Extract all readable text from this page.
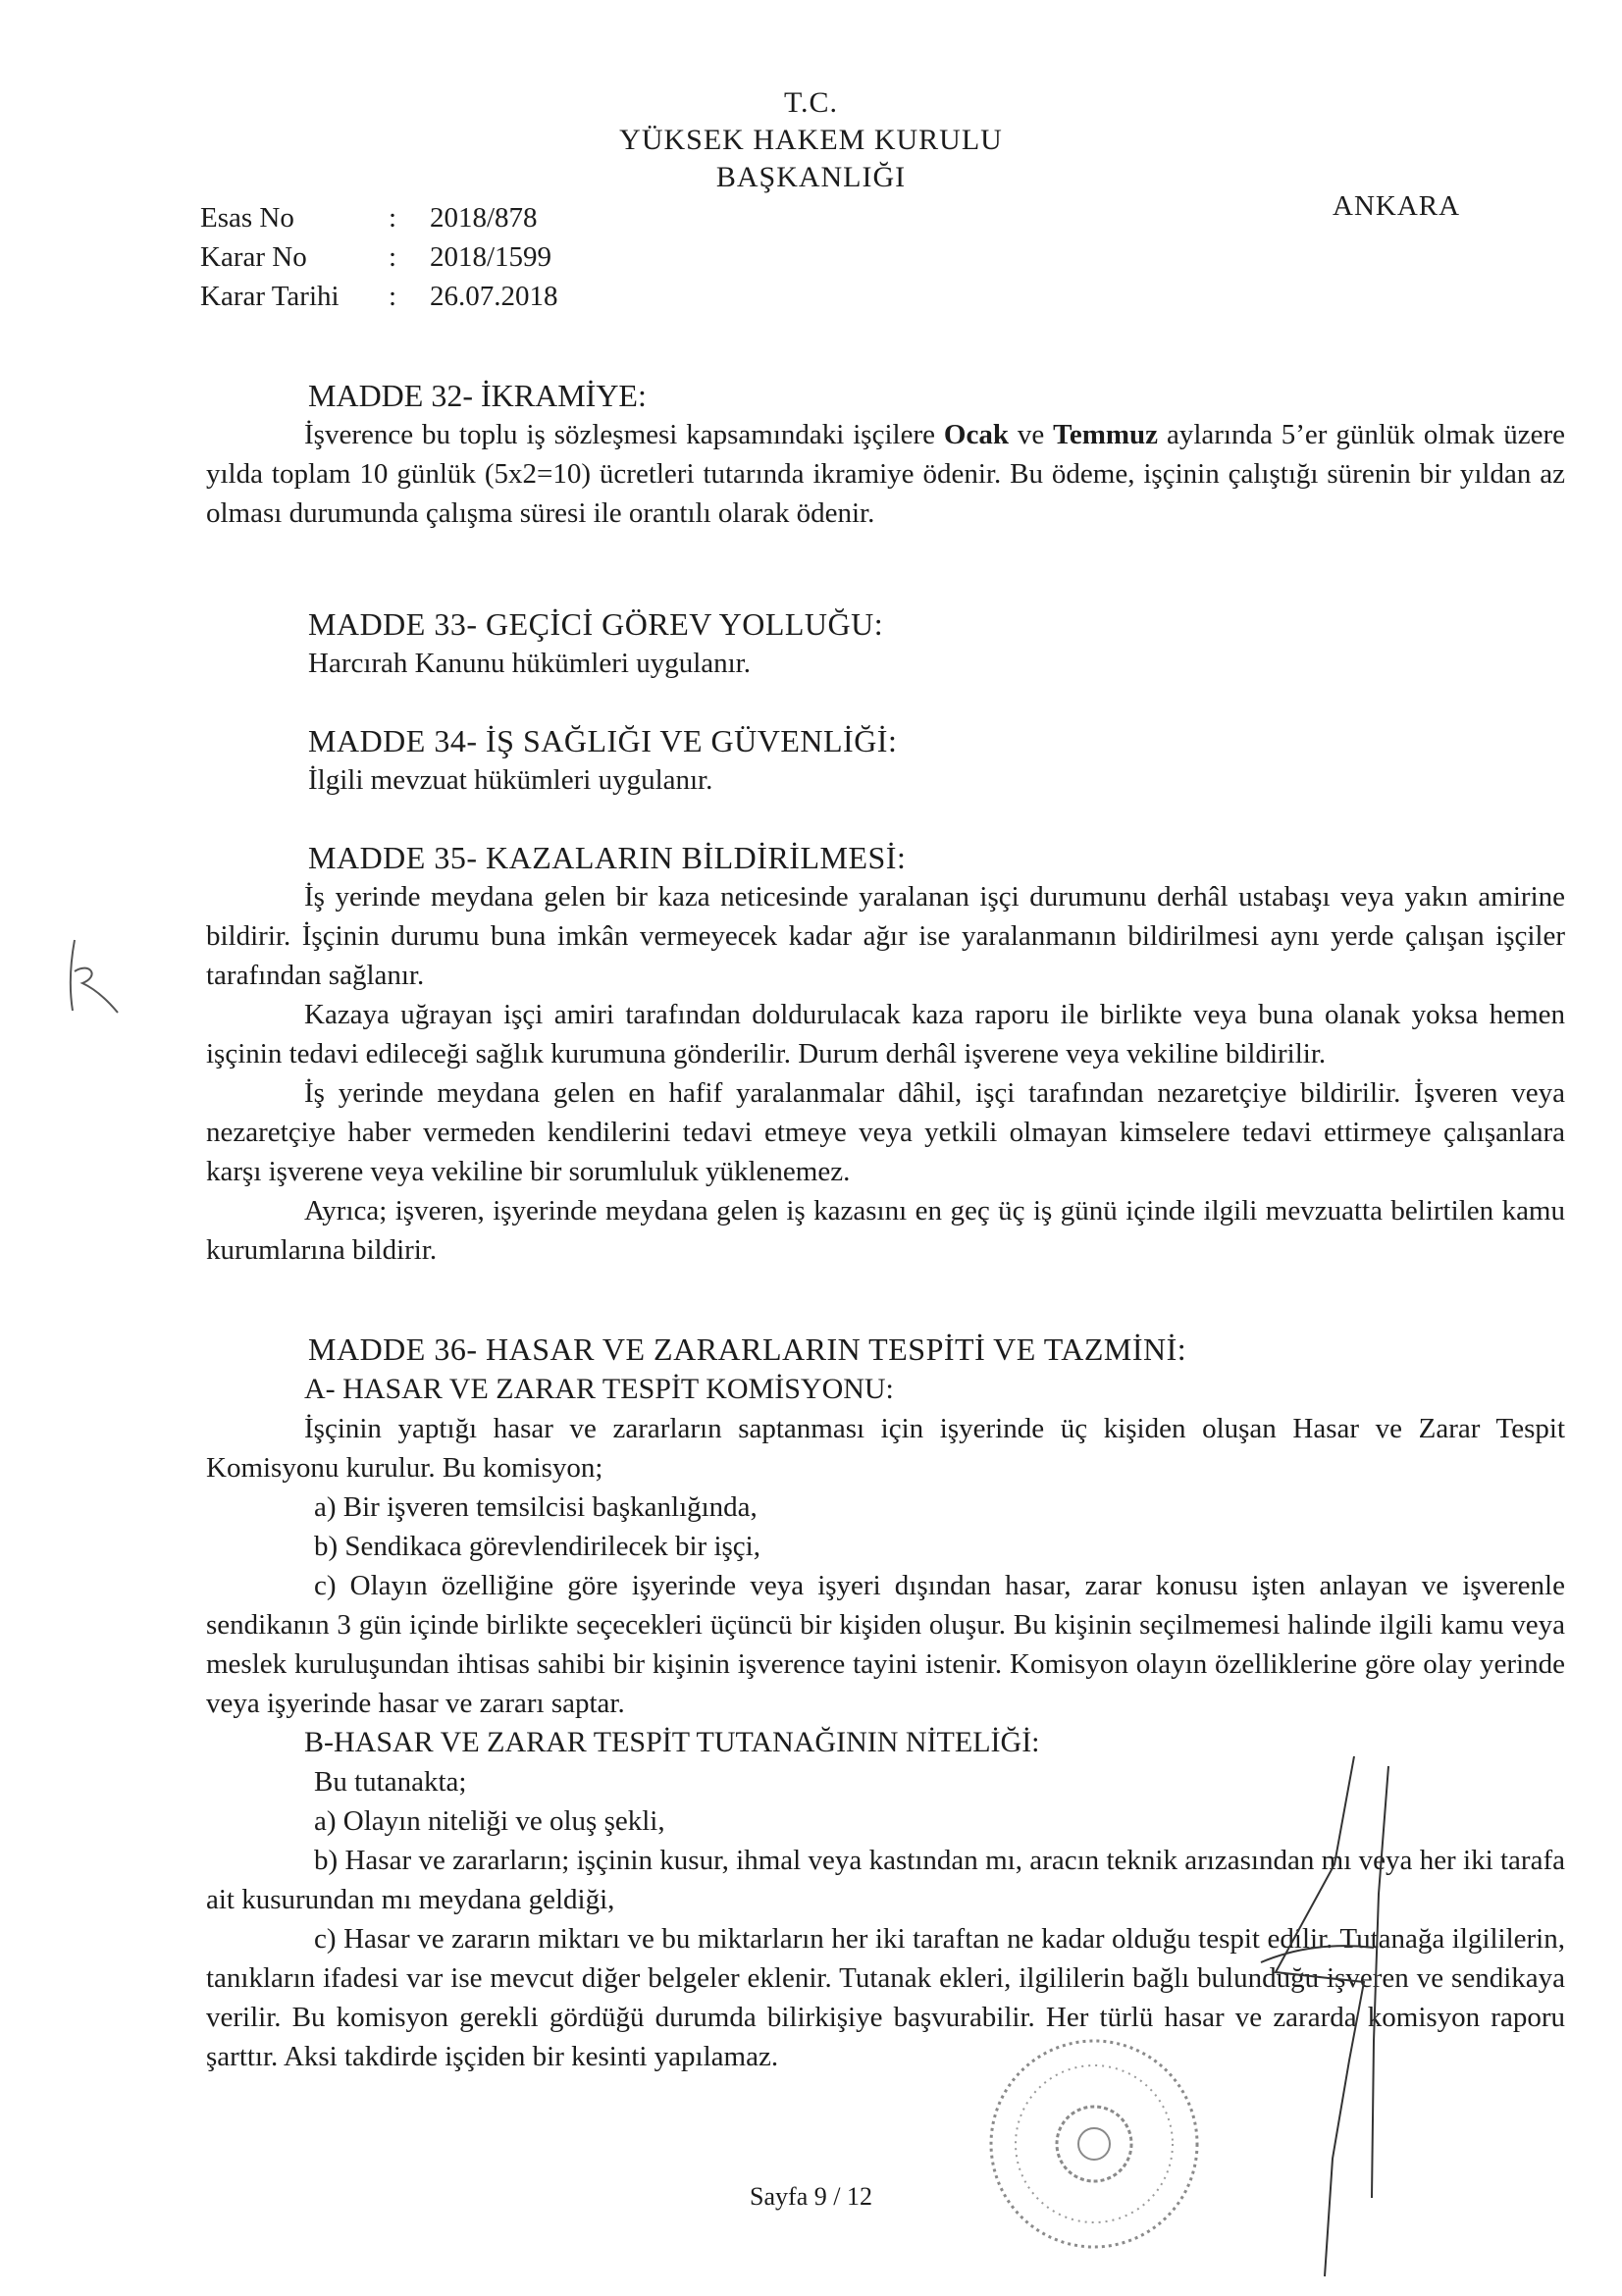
T.C.
YÜKSEK HAKEM KURULU
BAŞKANLIĞI
ANKARA
Esas No	: 2018/878
Karar No	: 2018/1599
Karar Tarihi : 26.07.2018
MADDE 32- İKRAMİYE:

İşverence bu toplu iş sözleşmesi kapsamındaki işçilere Ocak ve Temmuz aylarında 5’er günlük olmak üzere yılda toplam 10 günlük (5x2=10) ücretleri tutarında ikramiye ödenir. Bu ödeme, işçinin çalıştığı sürenin bir yıldan az olması durumunda çalışma süresi ile orantılı olarak ödenir.

MADDE 33- GEÇİCİ GÖREV YOLLUĞU:
Harcırah Kanunu hükümleri uygulanır.
MADDE 34- İŞ SAĞLIĞI VE GÜVENLİĞİ:
İlgili mevzuat hükümleri uygulanır.
MADDE 35- KAZALARIN BİLDİRİLMESİ:

İş yerinde meydana gelen bir kaza neticesinde yaralanan işçi durumunu derhâl ustabaşı veya yakın amirine bildirir. İşçinin durumu buna imkân vermeyecek kadar ağır ise yaralanmanın bildirilmesi aynı yerde çalışan işçiler tarafından sağlanır.

Kazaya uğrayan işçi amiri tarafından doldurulacak kaza raporu ile birlikte veya buna olanak yoksa hemen işçinin tedavi edileceği sağlık kurumuna gönderilir. Durum derhâl işverene veya vekiline bildirilir.

İş yerinde meydana gelen en hafif yaralanmalar dâhil, işçi tarafından nezaretçiye bildirilir. İşveren veya nezaretçiye haber vermeden kendilerini tedavi etmeye veya yetkili olmayan kimselere tedavi ettirmeye çalışanlara karşı işverene veya vekiline bir sorumluluk yüklenemez.

Ayrıca; işveren, işyerinde meydana gelen iş kazasını en geç üç iş günü içinde ilgili mevzuatta belirtilen kamu kurumlarına bildirir.

MADDE 36- HASAR VE ZARARLARIN TESPİTİ VE TAZMİNİ:

A- HASAR VE ZARAR TESPİT KOMİSYONU:

İşçinin yaptığı hasar ve zararların saptanması için işyerinde üç kişiden oluşan Hasar ve Zarar Tespit Komisyonu kurulur. Bu komisyon;

a) Bir işveren temsilcisi başkanlığında,

b) Sendikaca görevlendirilecek bir işçi,

c) Olayın özelliğine göre işyerinde veya işyeri dışından hasar, zarar konusu işten anlayan ve işverenle sendikanın 3 gün içinde birlikte seçecekleri üçüncü bir kişiden oluşur. Bu kişinin seçilmemesi halinde ilgili kamu veya meslek kuruluşundan ihtisas sahibi bir kişinin işverence tayini istenir. Komisyon olayın özelliklerine göre olay yerinde veya işyerinde hasar ve zararı saptar.

B-HASAR VE ZARAR TESPİT TUTANAĞININ NİTELİĞİ:

Bu tutanakta;

a) Olayın niteliği ve oluş şekli,

b) Hasar ve zararların; işçinin kusur, ihmal veya kastından mı, aracın teknik arızasından mı veya her iki tarafa ait kusurundan mı meydana geldiği,

c) Hasar ve zararın miktarı ve bu miktarların her iki taraftan ne kadar olduğu tespit edilir. Tutanağa ilgililerin, tanıkların ifadesi var ise mevcut diğer belgeler eklenir. Tutanak ekleri, ilgililerin bağlı bulunduğu işveren ve sendikaya verilir. Bu komisyon gerekli gördüğü durumda bilirkişiye başvurabilir. Her türlü hasar ve zararda komisyon raporu şarttır. Aksi takdirde işçiden bir kesinti yapılamaz.

Sayfa 9 / 12
